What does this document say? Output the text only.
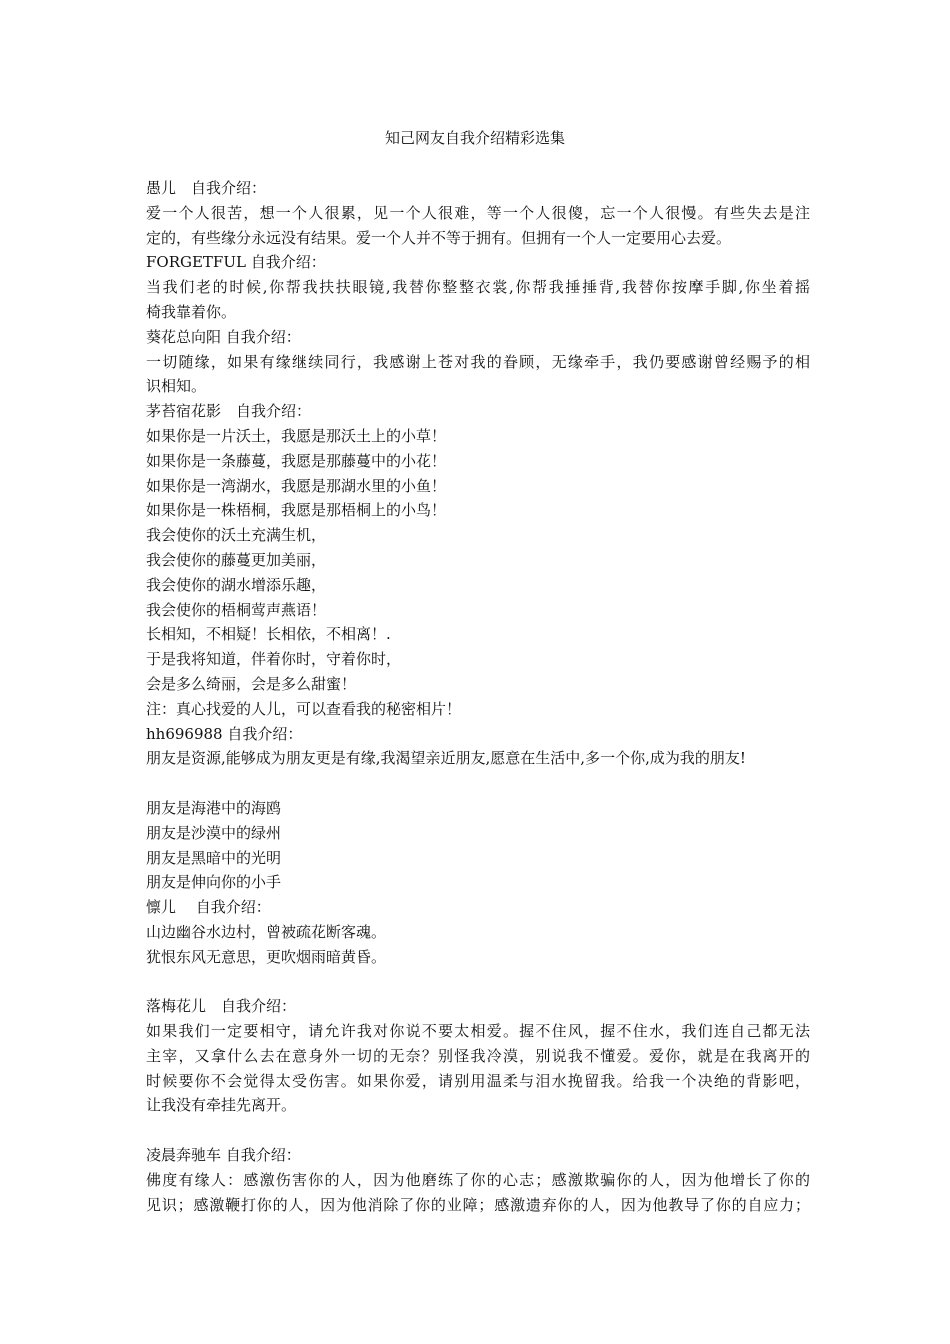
知己网友自我介绍精彩选集
愚儿　自我介绍：
爱一个人很苦，想一个人很累，见一个人很难，等一个人很傻，忘一个人很慢。有些失去是注
定的，有些缘分永远没有结果。爱一个人并不等于拥有。但拥有一个人一定要用心去爱。
FORGETFUL 自我介绍：
当我们老的时候,你帮我扶扶眼镜,我替你整整衣裳,你帮我捶捶背,我替你按摩手脚,你坐着摇
椅我靠着你。
葵花总向阳 自我介绍：
一切随缘，如果有缘继续同行，我感谢上苍对我的眷顾，无缘牵手，我仍要感谢曾经赐予的相
识相知。
茅苔宿花影　自我介绍：
如果你是一片沃土，我愿是那沃土上的小草！
如果你是一条藤蔓，我愿是那藤蔓中的小花！
如果你是一湾湖水，我愿是那湖水里的小鱼！
如果你是一株梧桐，我愿是那梧桐上的小鸟！
我会使你的沃土充满生机，
我会使你的藤蔓更加美丽，
我会使你的湖水增添乐趣，
我会使你的梧桐莺声燕语！
长相知，不相疑！长相依，不相离！.
于是我将知道，伴着你时，守着你时，
会是多么绮丽，会是多么甜蜜！
注：真心找爱的人儿，可以查看我的秘密相片！
hh696988 自我介绍：
朋友是资源,能够成为朋友更是有缘,我渴望亲近朋友,愿意在生活中,多一个你,成为我的朋友!
朋友是海港中的海鸥
朋友是沙漠中的绿州
朋友是黑暗中的光明
朋友是伸向你的小手
懔儿　 自我介绍：
山边幽谷水边村，曾被疏花断客魂。
犹恨东风无意思，更吹烟雨暗黄昏。
落梅花儿　自我介绍：
如果我们一定要相守，请允许我对你说不要太相爱。握不住风，握不住水，我们连自己都无法
主宰，又拿什么去在意身外一切的无奈？别怪我冷漠，别说我不懂爱。爱你，就是在我离开的
时候要你不会觉得太受伤害。如果你爱，请别用温柔与泪水挽留我。给我一个决绝的背影吧，
让我没有牵挂先离开。
凌晨奔驰车 自我介绍：
佛度有缘人：感激伤害你的人，因为他磨练了你的心志；感激欺骗你的人，因为他增长了你的
见识；感激鞭打你的人，因为他消除了你的业障；感激遗弃你的人，因为他教导了你的自应力；
